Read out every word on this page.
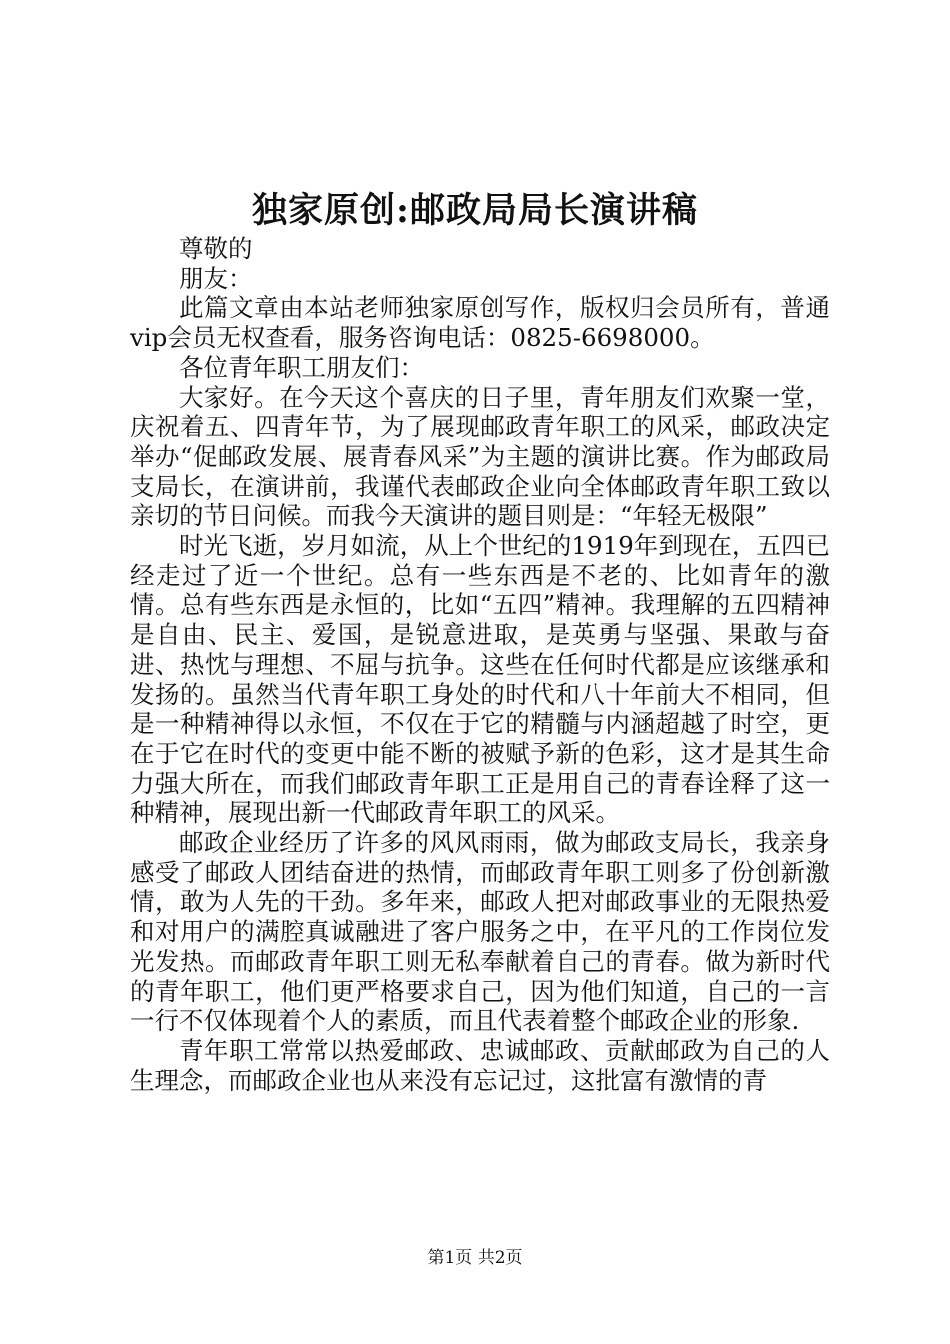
独家原创:邮政局局长演讲稿

尊敬的

朋友：

此篇文章由本站老师独家原创写作，版权归会员所有，普通vip会员无权查看，服务咨询电话：0825-6698000。

各位青年职工朋友们：

大家好。在今天这个喜庆的日子里，青年朋友们欢聚一堂，庆祝着五、四青年节，为了展现邮政青年职工的风采，邮政决定举办“促邮政发展、展青春风采”为主题的演讲比赛。作为邮政局支局长，在演讲前，我谨代表邮政企业向全体邮政青年职工致以亲切的节日问候。而我今天演讲的题目则是：“年轻无极限”

时光飞逝，岁月如流，从上个世纪的1919年到现在，五四已经走过了近一个世纪。总有一些东西是不老的、比如青年的激情。总有些东西是永恒的，比如“五四”精神。我理解的五四精神是自由、民主、爱国，是锐意进取，是英勇与坚强、果敢与奋进、热忱与理想、不屈与抗争。这些在任何时代都是应该继承和发扬的。虽然当代青年职工身处的时代和八十年前大不相同，但是一种精神得以永恒，不仅在于它的精髓与内涵超越了时空，更在于它在时代的变更中能不断的被赋予新的色彩，这才是其生命力强大所在，而我们邮政青年职工正是用自己的青春诠释了这一种精神，展现出新一代邮政青年职工的风采。

邮政企业经历了许多的风风雨雨，做为邮政支局长，我亲身感受了邮政人团结奋进的热情，而邮政青年职工则多了份创新激情，敢为人先的干劲。多年来，邮政人把对邮政事业的无限热爱和对用户的满腔真诚融进了客户服务之中，在平凡的工作岗位发光发热。而邮政青年职工则无私奉献着自己的青春。做为新时代的青年职工，他们更严格要求自己，因为他们知道，自己的一言一行不仅体现着个人的素质，而且代表着整个邮政企业的形象.

青年职工常常以热爱邮政、忠诚邮政、贡献邮政为自己的人生理念，而邮政企业也从来没有忘记过，这批富有激情的青

第1页 共2页
